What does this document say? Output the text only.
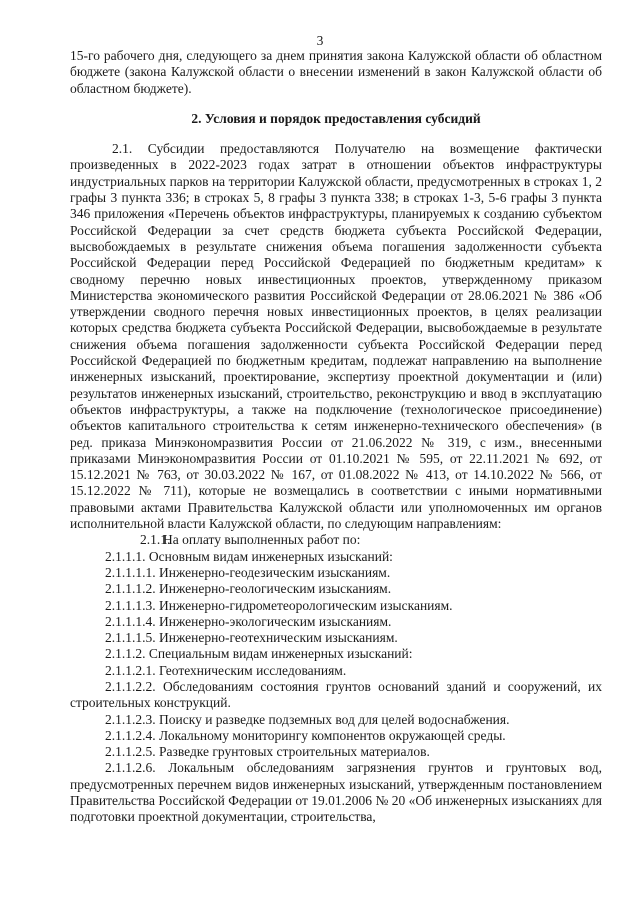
3

15-го рабочего дня, следующего за днем принятия закона Калужской области об областном бюджете (закона Калужской области о внесении изменений в закон Калужской области об областном бюджете).

2. Условия и порядок предоставления субсидий

2.1. Субсидии предоставляются Получателю на возмещение фактически произведенных в 2022-2023 годах затрат в отношении объектов инфраструктуры индустриальных парков на территории Калужской области, предусмотренных в строках 1, 2 графы 3 пункта 336; в строках 5, 8 графы 3 пункта 338; в строках 1-3, 5-6 графы 3 пункта 346 приложения «Перечень объектов инфраструктуры, планируемых к созданию субъектом Российской Федерации за счет средств бюджета субъекта Российской Федерации, высвобождаемых в результате снижения объема погашения задолженности субъекта Российской Федерации перед Российской Федерацией по бюджетным кредитам» к сводному перечню новых инвестиционных проектов, утвержденному приказом Министерства экономического развития Российской Федерации от 28.06.2021 № 386 «Об утверждении сводного перечня новых инвестиционных проектов, в целях реализации которых средства бюджета субъекта Российской Федерации, высвобождаемые в результате снижения объема погашения задолженности субъекта Российской Федерации перед Российской Федерацией по бюджетным кредитам, подлежат направлению на выполнение инженерных изысканий, проектирование, экспертизу проектной документации и (или) результатов инженерных изысканий, строительство, реконструкцию и ввод в эксплуатацию объектов инфраструктуры, а также на подключение (технологическое присоединение) объектов капитального строительства к сетям инженерно-технического обеспечения» (в ред. приказа Минэкономразвития России от 21.06.2022 № 319, с изм., внесенными приказами Минэкономразвития России от 01.10.2021 № 595, от 22.11.2021 № 692, от 15.12.2021 № 763, от 30.03.2022 № 167, от 01.08.2022 № 413, от 14.10.2022 № 566, от 15.12.2022 № 711), которые не возмещались в соответствии с иными нормативными правовыми актами Правительства Калужской области или уполномоченных им органов исполнительной власти Калужской области, по следующим направлениям:

2.1.1.На оплату выполненных работ по:

2.1.1.1. Основным видам инженерных изысканий:

2.1.1.1.1. Инженерно-геодезическим изысканиям.

2.1.1.1.2. Инженерно-геологическим изысканиям.

2.1.1.1.3. Инженерно-гидрометеорологическим изысканиям.

2.1.1.1.4. Инженерно-экологическим изысканиям.

2.1.1.1.5. Инженерно-геотехническим изысканиям.

2.1.1.2. Специальным видам инженерных изысканий:

2.1.1.2.1. Геотехническим исследованиям.

2.1.1.2.2. Обследованиям состояния грунтов оснований зданий и сооружений, их строительных конструкций.

2.1.1.2.3. Поиску и разведке подземных вод для целей водоснабжения.

2.1.1.2.4. Локальному мониторингу компонентов окружающей среды.

2.1.1.2.5. Разведке грунтовых строительных материалов.

2.1.1.2.6. Локальным обследованиям загрязнения грунтов и грунтовых вод, предусмотренных перечнем видов инженерных изысканий, утвержденным постановлением Правительства Российской Федерации от 19.01.2006 № 20 «Об инженерных изысканиях для подготовки проектной документации, строительства,
